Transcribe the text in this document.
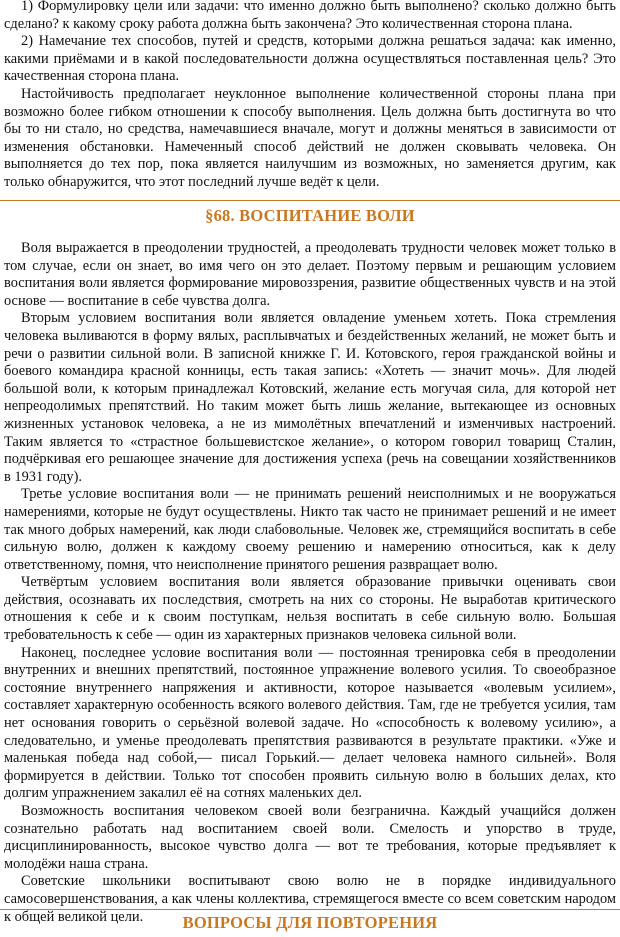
1) Формулировку цели или задачи: что именно должно быть выполнено? сколько должно быть сделано? к какому сроку работа должна быть закончена? Это количественная сторона плана.

2) Намечание тех способов, путей и средств, которыми должна решаться задача: как именно, какими приёмами и в какой последовательности должна осуществляться поставленная цель? Это качественная сторона плана.

Настойчивость предполагает неуклонное выполнение количественной стороны плана при возможно более гибком отношении к способу выполнения. Цель должна быть достигнута во что бы то ни стало, но средства, намечавшиеся вначале, могут и должны меняться в зависимости от изменения обстановки. Намеченный способ действий не должен сковывать человека. Он выполняется до тех пор, пока является наилучшим из возможных, но заменяется другим, как только обнаружится, что этот последний лучше ведёт к цели.

§68. ВОСПИТАНИЕ ВОЛИ

Воля выражается в преодолении трудностей, а преодолевать трудности человек может только в том случае, если он знает, во имя чего он это делает. Поэтому первым и решающим условием воспитания воли является формирование мировоззрения, развитие общественных чувств и на этой основе — воспитание в себе чувства долга.

Вторым условием воспитания воли является овладение уменьем хотеть. Пока стремления человека выливаются в форму вялых, расплывчатых и бездейственных желаний, не может быть и речи о развитии сильной воли. В записной книжке Г. И. Котовского, героя гражданской войны и боевого командира красной конницы, есть такая запись: «Хотеть — значит мочь». Для людей большой воли, к которым принадлежал Котовский, желание есть могучая сила, для которой нет непреодолимых препятствий. Но таким может быть лишь желание, вытекающее из основных жизненных установок человека, а не из мимолётных впечатлений и изменчивых настроений. Таким является то «страстное большевистское желание», о котором говорил товарищ Сталин, подчёркивая его решающее значение для достижения успеха (речь на совещании хозяйственников в 1931 году).

Третье условие воспитания воли — не принимать решений неисполнимых и не вооружаться намерениями, которые не будут осуществлены. Никто так часто не принимает решений и не имеет так много добрых намерений, как люди слабовольные. Человек же, стремящийся воспитать в себе сильную волю, должен к каждому своему решению и намерению относиться, как к делу ответственному, помня, что неисполнение принятого решения развращает волю.

Четвёртым условием воспитания воли является образование привычки оценивать свои действия, осознавать их последствия, смотреть на них со стороны. Не выработав критического отношения к себе и к своим поступкам, нельзя воспитать в себе сильную волю. Большая требовательность к себе — один из характерных признаков человека сильной воли.

Наконец, последнее условие воспитания воли — постоянная тренировка себя в преодолении внутренних и внешних препятствий, постоянное упражнение волевого усилия. То своеобразное состояние внутреннего напряжения и активности, которое называется «волевым усилием», составляет характерную особенность всякого волевого действия. Там, где не требуется усилия, там нет основания говорить о серьёзной волевой задаче. Но «способность к волевому усилию», а следовательно, и уменье преодолевать препятствия развиваются в результате практики. «Уже и маленькая победа над собой,— писал Горький.— делает человека намного сильней». Воля формируется в действии. Только тот способен проявить сильную волю в больших делах, кто долгим упражнением закалил её на сотнях маленьких дел.

Возможность воспитания человеком своей воли безгранична. Каждый учащийся должен сознательно работать над воспитанием своей воли. Смелость и упорство в труде, дисциплинированность, высокое чувство долга — вот те требования, которые предъявляет к молодёжи наша страна.

Советские школьники воспитывают свою волю не в порядке индивидуального самосовершенствования, а как члены коллектива, стремящегося вместе со всем советским народом к общей великой цели.	ВОПРОСЫ ДЛЯ ПОВТОРЕНИЯ
